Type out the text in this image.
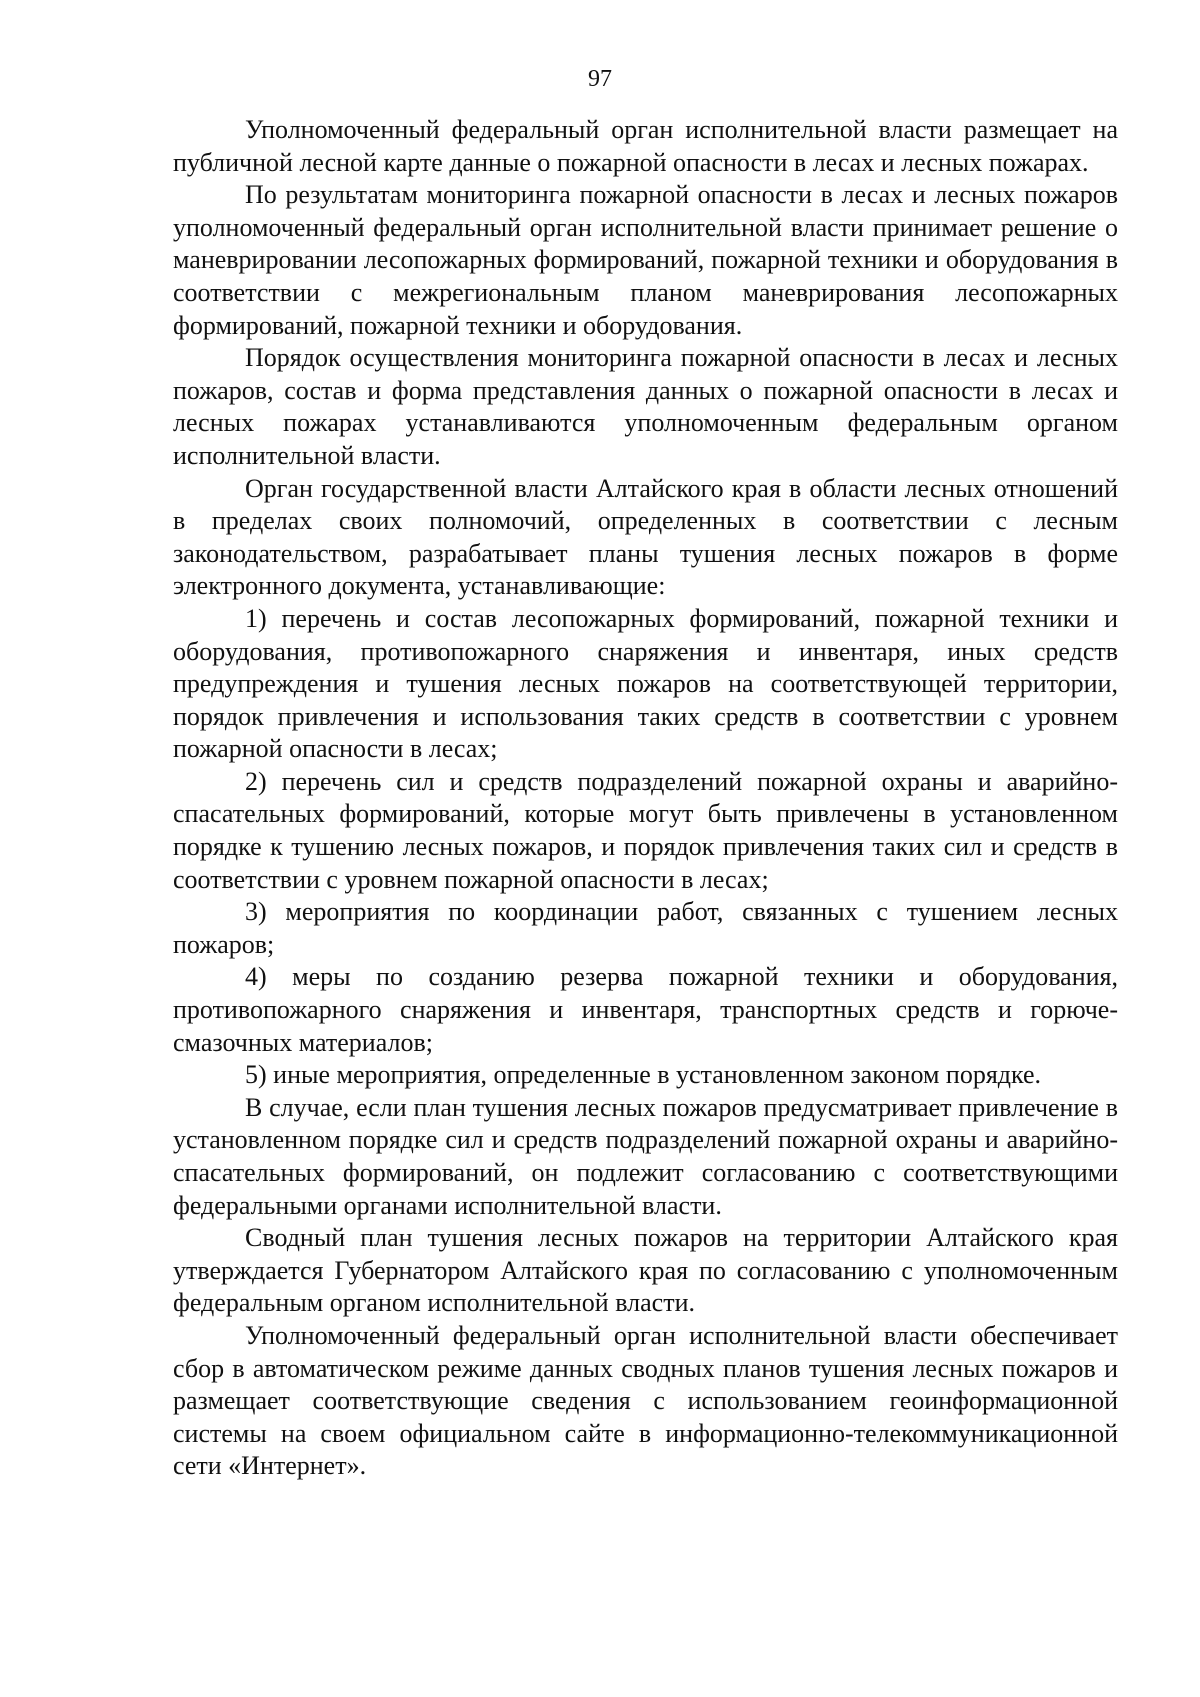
97

Уполномоченный федеральный орган исполнительной власти размещает на публичной лесной карте данные о пожарной опасности в лесах и лесных пожарах.

По результатам мониторинга пожарной опасности в лесах и лесных пожаров уполномоченный федеральный орган исполнительной власти принимает решение о маневрировании лесопожарных формирований, пожарной техники и оборудования в соответствии с межрегиональным планом маневрирования лесопожарных формирований, пожарной техники и оборудования.

Порядок осуществления мониторинга пожарной опасности в лесах и лесных пожаров, состав и форма представления данных о пожарной опасности в лесах и лесных пожарах устанавливаются уполномоченным федеральным органом исполнительной власти.

Орган государственной власти Алтайского края в области лесных отношений в пределах своих полномочий, определенных в соответствии с лесным законодательством, разрабатывает планы тушения лесных пожаров в форме электронного документа, устанавливающие:

1) перечень и состав лесопожарных формирований, пожарной техники и оборудования, противопожарного снаряжения и инвентаря, иных средств предупреждения и тушения лесных пожаров на соответствующей территории, порядок привлечения и использования таких средств в соответствии с уровнем пожарной опасности в лесах;

2) перечень сил и средств подразделений пожарной охраны и аварийно-спасательных формирований, которые могут быть привлечены в установленном порядке к тушению лесных пожаров, и порядок привлечения таких сил и средств в соответствии с уровнем пожарной опасности в лесах;

3) мероприятия по координации работ, связанных с тушением лесных пожаров;

4) меры по созданию резерва пожарной техники и оборудования, противопожарного снаряжения и инвентаря, транспортных средств и горюче-смазочных материалов;

5) иные мероприятия, определенные в установленном законом порядке.

В случае, если план тушения лесных пожаров предусматривает привлечение в установленном порядке сил и средств подразделений пожарной охраны и аварийно-спасательных формирований, он подлежит согласованию с соответствующими федеральными органами исполнительной власти.

Сводный план тушения лесных пожаров на территории Алтайского края утверждается Губернатором Алтайского края по согласованию с уполномоченным федеральным органом исполнительной власти.

Уполномоченный федеральный орган исполнительной власти обеспечивает сбор в автоматическом режиме данных сводных планов тушения лесных пожаров и размещает соответствующие сведения с использованием геоинформационной системы на своем официальном сайте в информационно-телекоммуникационной сети «Интернет».
